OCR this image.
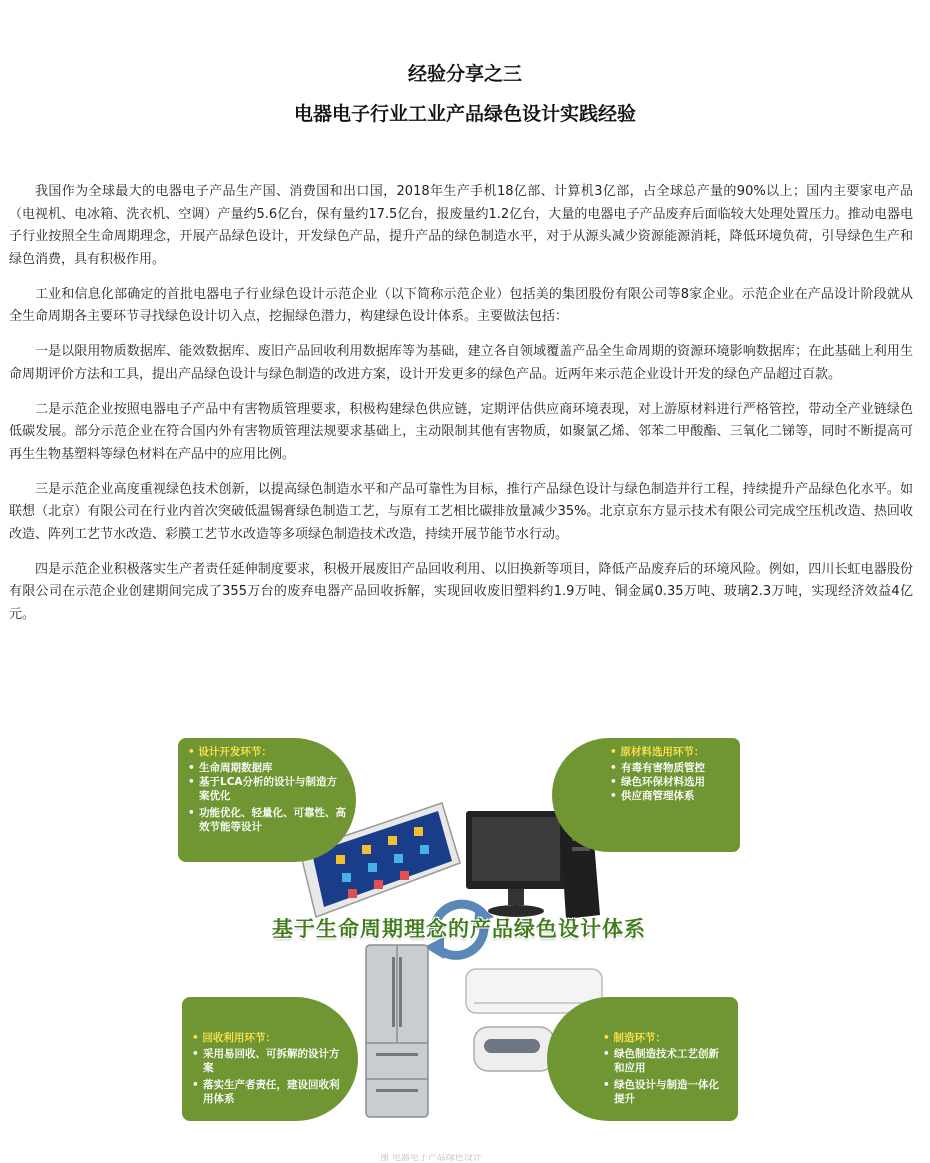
经验分享之三
电器电子行业工业产品绿色设计实践经验

我国作为全球最大的电器电子产品生产国、消费国和出口国，2018年生产手机18亿部、计算机3亿部，占全球总产量的90%以上；国内主要家电产品（电视机、电冰箱、洗衣机、空调）产量约5.6亿台，保有量约17.5亿台，报废量约1.2亿台，大量的电器电子产品废弃后面临较大处理处置压力。推动电器电子行业按照全生命周期理念，开展产品绿色设计，开发绿色产品，提升产品的绿色制造水平，对于从源头减少资源能源消耗，降低环境负荷，引导绿色生产和绿色消费，具有积极作用。

工业和信息化部确定的首批电器电子行业绿色设计示范企业（以下简称示范企业）包括美的集团股份有限公司等8家企业。示范企业在产品设计阶段就从全生命周期各主要环节寻找绿色设计切入点，挖掘绿色潜力，构建绿色设计体系。主要做法包括：

一是以限用物质数据库、能效数据库、废旧产品回收利用数据库等为基础，建立各自领域覆盖产品全生命周期的资源环境影响数据库；在此基础上利用生命周期评价方法和工具，提出产品绿色设计与绿色制造的改进方案，设计开发更多的绿色产品。近两年来示范企业设计开发的绿色产品超过百款。

二是示范企业按照电器电子产品中有害物质管理要求，积极构建绿色供应链，定期评估供应商环境表现，对上游原材料进行严格管控，带动全产业链绿色低碳发展。部分示范企业在符合国内外有害物质管理法规要求基础上，主动限制其他有害物质，如聚氯乙烯、邻苯二甲酸酯、三氧化二锑等，同时不断提高可再生生物基塑料等绿色材料在产品中的应用比例。

三是示范企业高度重视绿色技术创新，以提高绿色制造水平和产品可靠性为目标，推行产品绿色设计与绿色制造并行工程，持续提升产品绿色化水平。如联想（北京）有限公司在行业内首次突破低温锡膏绿色制造工艺，与原有工艺相比碳排放量减少35%。北京京东方显示技术有限公司完成空压机改造、热回收改造、阵列工艺节水改造、彩膜工艺节水改造等多项绿色制造技术改造，持续开展节能节水行动。

四是示范企业积极落实生产者责任延伸制度要求，积极开展废旧产品回收利用、以旧换新等项目，降低产品废弃后的环境风险。例如，四川长虹电器股份有限公司在示范企业创建期间完成了355万台的废弃电器产品回收拆解，实现回收废旧塑料约1.9万吨、铜金属0.35万吨、玻璃2.3万吨，实现经济效益4亿元。

基于生命周期理念的产品绿色设计体系
• 设计开发环节：
• 生命周期数据库
• 基于LCA分析的设计与制造方案优化
• 功能优化、轻量化、可靠性、高效节能等设计
• 原材料选用环节：
• 有毒有害物质管控
• 绿色环保材料选用
• 供应商管理体系
• 回收利用环节：
• 采用易回收、可拆解的设计方案
• 落实生产者责任，建设回收利用体系
• 制造环节：
• 绿色制造技术工艺创新和应用
• 绿色设计与制造一体化提升
图 电器电子产品绿色设计
